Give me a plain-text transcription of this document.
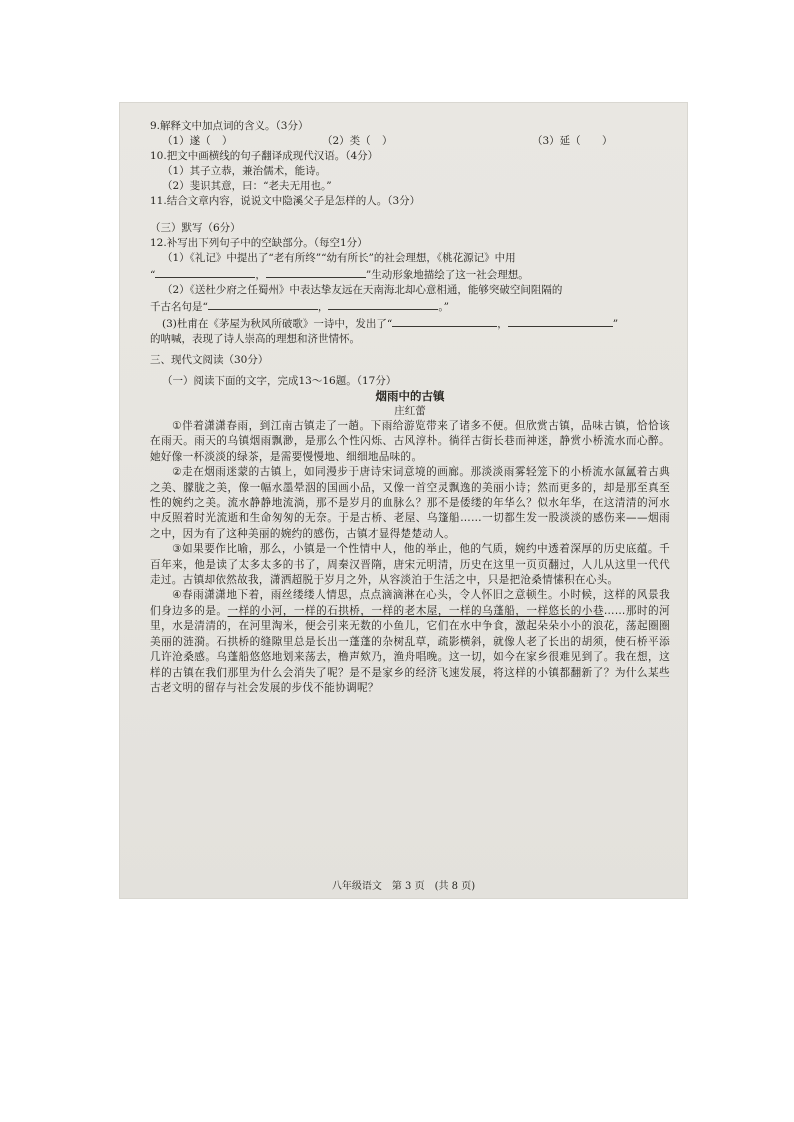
9.解释文中加点词的含义。（3分）
（1）遂（	）	（2）类（	）	（3）延（	）
10.把文中画横线的句子翻译成现代汉语。（4分）
（1）其子立恭，兼治儒术，能诗。
（2）斐识其意，曰：“老夫无用也。”
11.结合文章内容，说说文中隐溪父子是怎样的人。（3分）
（三）默写（6分）
12.补写出下列句子中的空缺部分。（每空1分）
（1）《礼记》中提出了“老有所终”“幼有所长”的社会理想，《桃花源记》中用
“	，	”生动形象地描绘了这一社会理想。
（2）《送杜少府之任蜀州》中表达挚友远在天南海北却心意相通，能够突破空间阻隔的
千古名句是“	，	。”
(3)杜甫在《茅屋为秋风所破歌》一诗中，发出了“	，	”
的呐喊，表现了诗人崇高的理想和济世情怀。
三、现代文阅读（30分）
（一）阅读下面的文字，完成13～16题。（17分）
烟雨中的古镇
庄红蕾

①伴着潇潇春雨，到江南古镇走了一趟。下雨给游览带来了诸多不便。但欣赏古镇，品味古镇，恰恰该在雨天。雨天的乌镇烟雨飘渺，是那么个性闪烁、古风淳朴。徜徉古街长巷而神迷，静赏小桥流水而心醉。她好像一杯淡淡的绿茶，是需要慢慢地、细细地品味的。

②走在烟雨迷蒙的古镇上，如同漫步于唐诗宋词意境的画廊。那淡淡雨雾轻笼下的小桥流水氤氲着古典之美、朦胧之美，像一幅水墨晕洇的国画小品，又像一首空灵飘逸的美丽小诗；然而更多的，却是那至真至性的婉约之美。流水静静地流淌，那不是岁月的血脉么？那不是倭缕的年华么？似水年华，在这清清的河水中反照着时光流逝和生命匆匆的无奈。于是古桥、老屋、乌篷船……一切都生发一股淡淡的感伤来——烟雨之中，因为有了这种美丽的婉约的感伤，古镇才显得楚楚动人。

③如果要作比喻，那么，小镇是一个性情中人，他的举止，他的气质，婉约中透着深厚的历史底蕴。千百年来，他是读了太多太多的书了，周秦汉晋隋，唐宋元明清，历史在这里一页页翻过，人儿从这里一代代走过。古镇却依然故我，潇洒超脱于岁月之外，从容淡泊于生活之中，只是把沧桑情愫积在心头。

④春雨潇潇地下着，雨丝缕缕人情思，点点滴滴淋在心头，令人怀旧之意顿生。小时候，这样的风景我们身边多的是。一样的小河，一样的石拱桥，一样的老木屋，一样的乌蓬船，一样悠长的小巷……那时的河里，水是清清的，在河里淘米，便会引来无数的小鱼儿，它们在水中争食，激起朵朵小小的浪花，荡起圈圈美丽的涟漪。石拱桥的缝隙里总是长出一蓬蓬的杂树乱草，疏影横斜，就像人老了长出的胡须，使石桥平添几许沧桑感。乌蓬船悠悠地划来荡去，橹声欸乃，渔舟唱晚。这一切，如今在家乡很难见到了。我在想，这样的古镇在我们那里为什么会消失了呢？是不是家乡的经济飞速发展，将这样的小镇都翻新了？为什么某些古老文明的留存与社会发展的步伐不能协调呢？

八年级语文　第 3 页　(共 8 页)
